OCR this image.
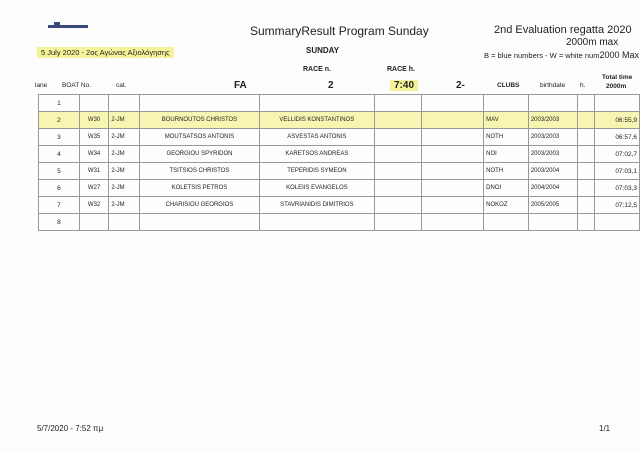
SummaryResult Program Sunday	2nd Evaluation regatta 2020
2000m max
B = blue numbers - W = white num2000 Max
5 July 2020 - 2ος Αγώνας Αξιολόγησης	SUNDAY
RACE n.	RACE h.
FA	2	7:40	2-
lane BOAT No.	cat.	CLUBS	birthdate h.
Total time
2000m
1										
2	W30	2-JM	BOURNOUTOS CHRISTOS	VELLIDIS KONSTANTINOS			MAV	2003/2003		06:55,9
3	W35	2-JM	MOUTSATSOS ANTONIS	ASVESTAS ANTONIS			NOTH	2003/2003		06:57,6
4	W34	2-JM	GEORGIOU SPYRIDON	KARETSOS ANDREAS			NOI	2003/2003		07:02,7
5	W31	2-JM	TSITSIOS CHRISTOS	TEPERIDIS SYMEON			NOTH	2003/2004		07:03,1
6	W27	2-JM	KOLETSIS PETROS	KOLEIIS EVANGELOS			DNOI	2004/2004		07:03,3
7	W32	2-JM	CHARISIOU GEORGIOS	STAVRIANIDIS DIMITRIOS			NOKOZ	2005/2005		07:12,5
8										
5/7/2020 - 7:52 πμ	1/1
